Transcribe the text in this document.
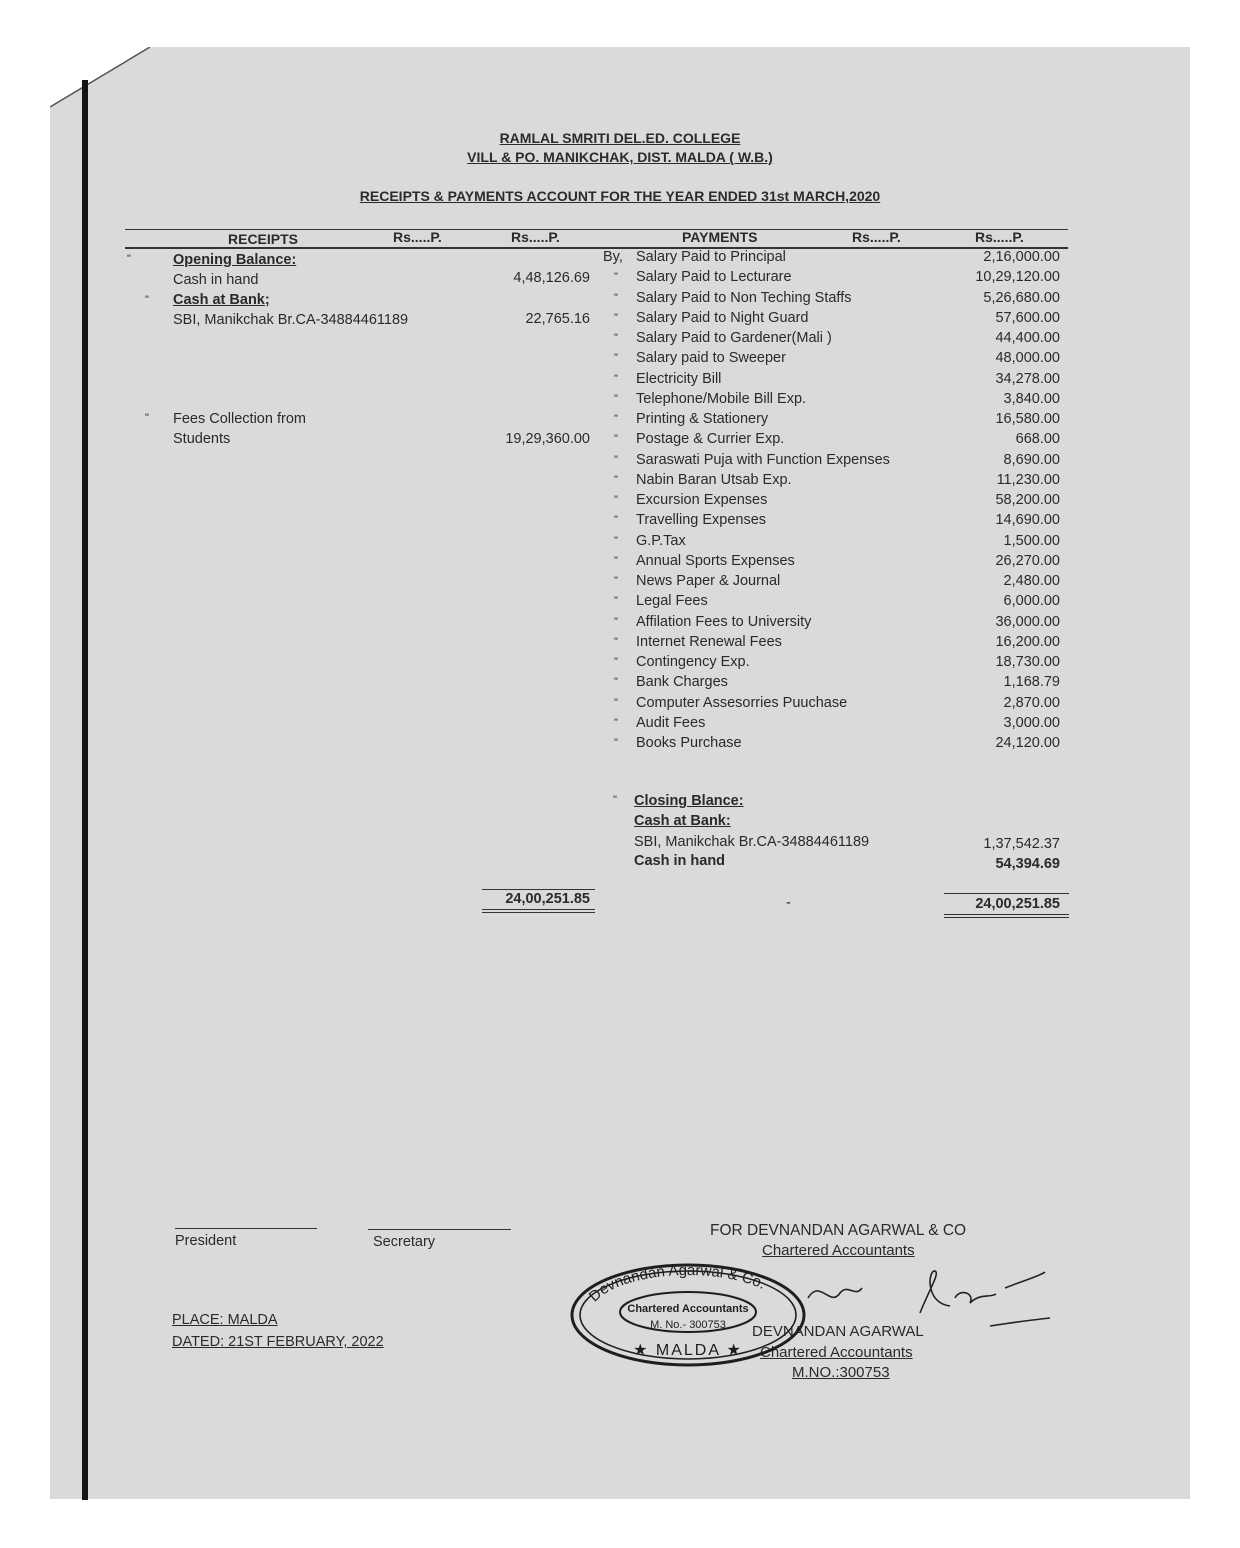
RAMLAL SMRITI DEL.ED. COLLEGE
VILL & PO. MANIKCHAK, DIST. MALDA ( W.B.)
RECEIPTS & PAYMENTS ACCOUNT FOR THE YEAR ENDED 31st MARCH,2020
RECEIPTS	Rs.....P.	Rs.....P.	PAYMENTS	Rs.....P.	Rs.....P.
"	Opening Balance:
Cash in hand	4,48,126.69
" Cash at Bank;
SBI, Manikchak Br.CA-34884461189	22,765.16
" Fees Collection from
Students	19,29,360.00
24,00,251.85
By, Salary Paid to Principal	2,16,000.00
" Salary Paid to Lecturare	10,29,120.00
" Salary Paid to Non Teching Staffs	5,26,680.00
" Salary Paid to Night Guard	57,600.00
" Salary Paid to Gardener(Mali )	44,400.00
" Salary paid to Sweeper	48,000.00
" Electricity Bill	34,278.00
" Telephone/Mobile Bill Exp.	3,840.00
" Printing & Stationery	16,580.00
" Postage & Currier Exp.	668.00
" Saraswati Puja with Function Expenses	8,690.00
" Nabin Baran Utsab Exp.	11,230.00
" Excursion Expenses	58,200.00
" Travelling Expenses	14,690.00
" G.P.Tax	1,500.00
" Annual Sports Expenses	26,270.00
" News Paper & Journal	2,480.00
" Legal Fees	6,000.00
" Affilation Fees to University	36,000.00
" Internet Renewal Fees	16,200.00
" Contingency Exp.	18,730.00
" Bank Charges	1,168.79
" Computer Assesorries Puuchase	2,870.00
" Audit Fees	3,000.00
" Books Purchase	24,120.00
" Closing Blance:
Cash at Bank:
SBI, Manikchak Br.CA-34884461189	1,37,542.37
Cash in hand	54,394.69
-	24,00,251.85
President	Secretary
PLACE: MALDA
DATED: 21ST FEBRUARY, 2022
FOR DEVNANDAN AGARWAL & CO
Chartered Accountants
DEVNANDAN AGARWAL
Chartered Accountants
M.NO.:300753
Devnandan Agarwal & Co.
Chartered Accountants
M. No.- 300753
★ MALDA ★
